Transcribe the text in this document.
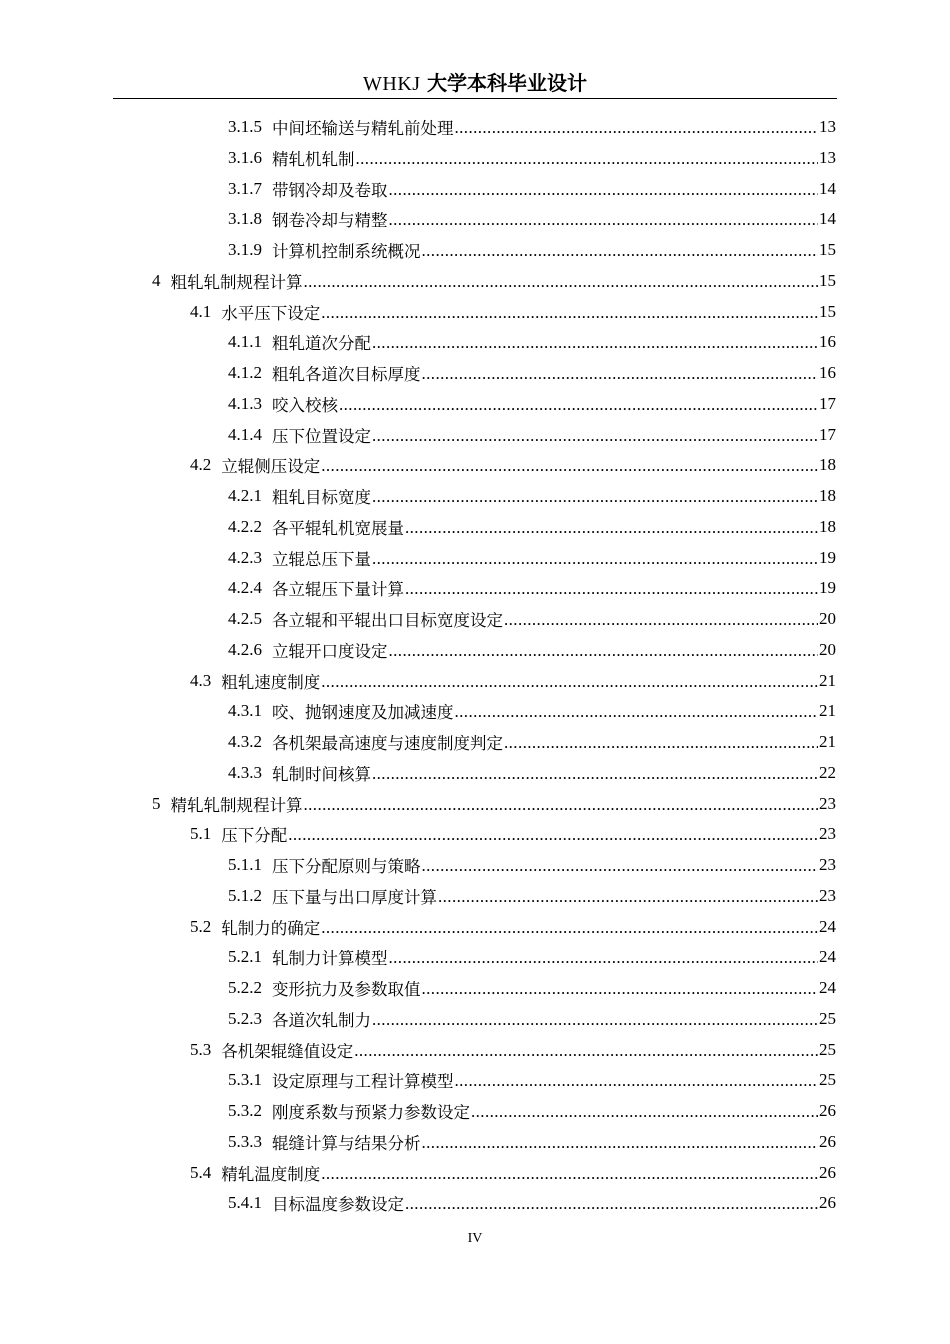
WHKJ 大学本科毕业设计
3.1.5 中间坯输送与精轧前处理 .....	13
3.1.6 精轧机轧制 .....	13
3.1.7 带钢冷却及卷取 .....	14
3.1.8 钢卷冷却与精整 .....	14
3.1.9 计算机控制系统概况 .....	15
4 粗轧轧制规程计算 .....	15
4.1 水平压下设定 .....	15
4.1.1 粗轧道次分配 .....	16
4.1.2 粗轧各道次目标厚度 .....	16
4.1.3 咬入校核 .....	17
4.1.4 压下位置设定 .....	17
4.2 立辊侧压设定 .....	18
4.2.1 粗轧目标宽度 .....	18
4.2.2 各平辊轧机宽展量 .....	18
4.2.3 立辊总压下量 .....	19
4.2.4 各立辊压下量计算 .....	19
4.2.5 各立辊和平辊出口目标宽度设定 .....	20
4.2.6 立辊开口度设定 .....	20
4.3 粗轧速度制度 .....	21
4.3.1 咬、抛钢速度及加减速度 .....	21
4.3.2 各机架最高速度与速度制度判定 .....	21
4.3.3 轧制时间核算 .....	22
5 精轧轧制规程计算 .....	23
5.1 压下分配 .....	23
5.1.1 压下分配原则与策略 .....	23
5.1.2 压下量与出口厚度计算 .....	23
5.2 轧制力的确定 .....	24
5.2.1 轧制力计算模型 .....	24
5.2.2 变形抗力及参数取值 .....	24
5.2.3 各道次轧制力 .....	25
5.3 各机架辊缝值设定 .....	25
5.3.1 设定原理与工程计算模型 .....	25
5.3.2 刚度系数与预紧力参数设定 .....	26
5.3.3 辊缝计算与结果分析 .....	26
5.4 精轧温度制度 .....	26
5.4.1 目标温度参数设定 .....	26
IV
